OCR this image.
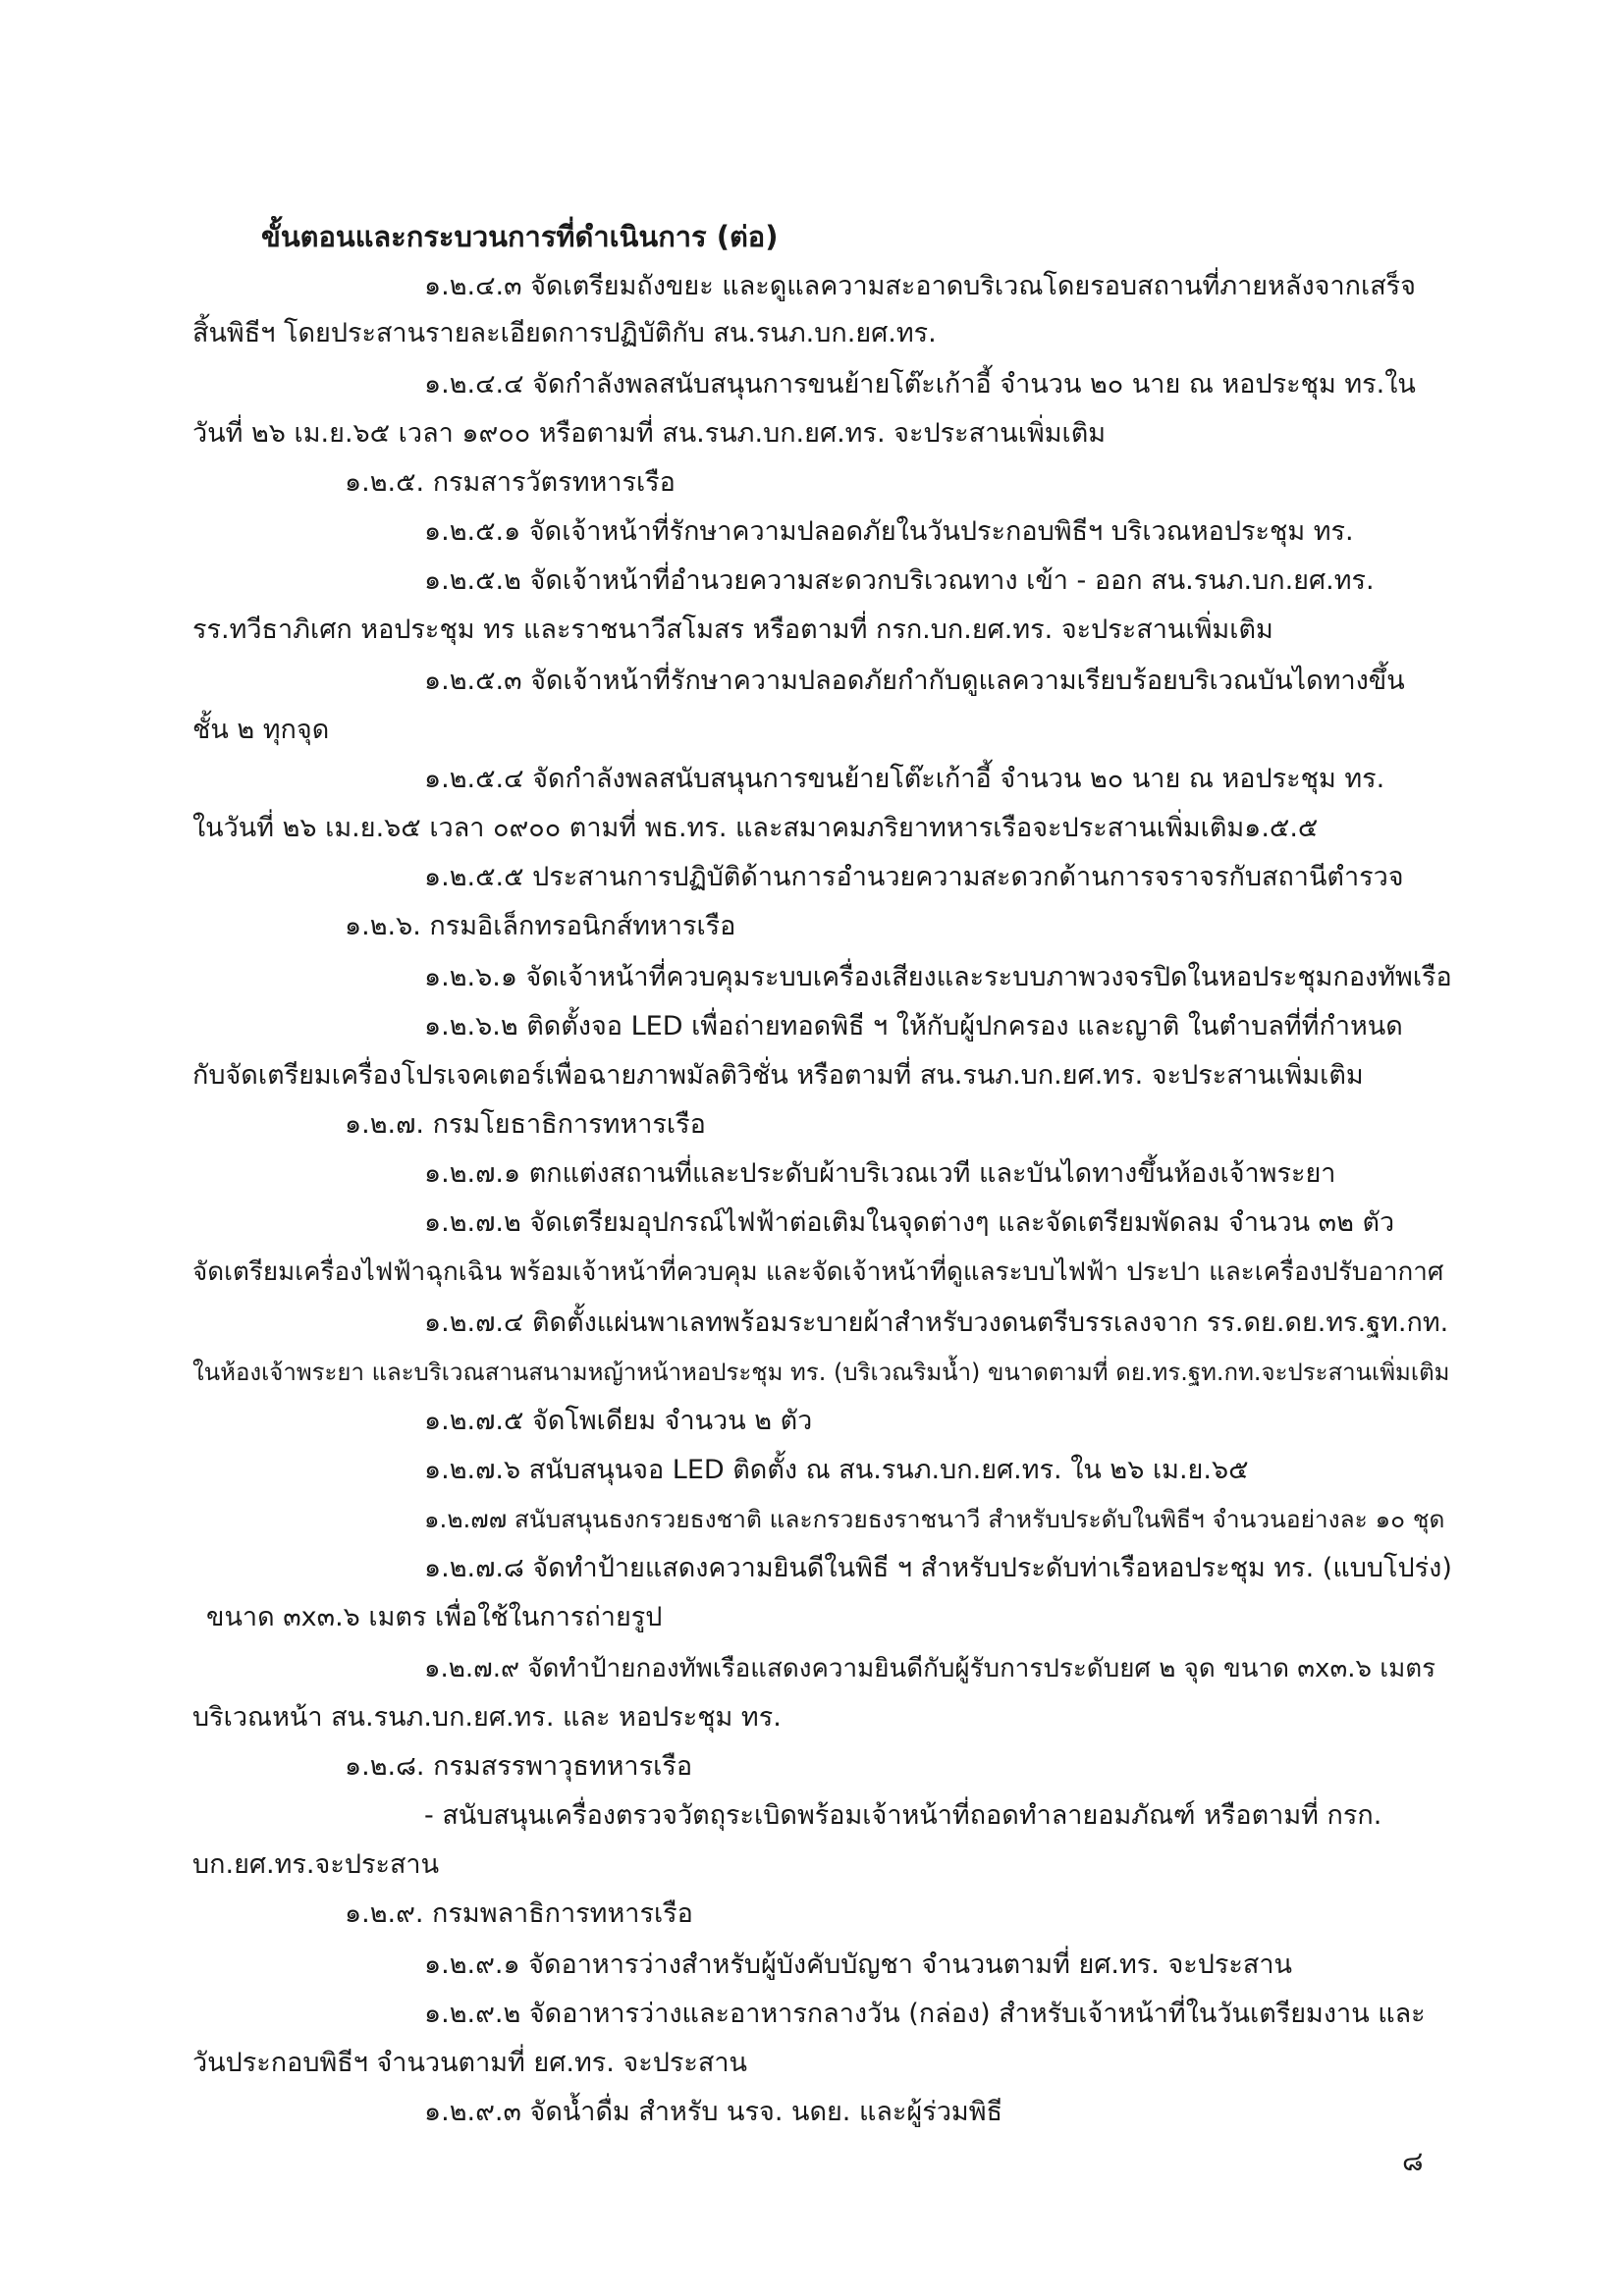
ขั้นตอนและกระบวนการที่ดำเนินการ (ต่อ)
๑.๒.๔.๓ จัดเตรียมถังขยะ และดูแลความสะอาดบริเวณโดยรอบสถานที่ภายหลังจากเสร็จ
สิ้นพิธีฯ โดยประสานรายละเอียดการปฏิบัติกับ สน.รนภ.บก.ยศ.ทร.
๑.๒.๔.๔ จัดกำลังพลสนับสนุนการขนย้ายโต๊ะเก้าอี้ จำนวน ๒๐ นาย ณ หอประชุม ทร.ใน
วันที่ ๒๖ เม.ย.๖๕ เวลา ๑๙๐๐ หรือตามที่ สน.รนภ.บก.ยศ.ทร. จะประสานเพิ่มเติม
๑.๒.๕. กรมสารวัตรทหารเรือ
๑.๒.๕.๑ จัดเจ้าหน้าที่รักษาความปลอดภัยในวันประกอบพิธีฯ บริเวณหอประชุม ทร.
๑.๒.๕.๒ จัดเจ้าหน้าที่อำนวยความสะดวกบริเวณทาง เข้า - ออก สน.รนภ.บก.ยศ.ทร.
รร.ทวีธาภิเศก หอประชุม ทร และราชนาวีสโมสร หรือตามที่ กรก.บก.ยศ.ทร. จะประสานเพิ่มเติม
๑.๒.๕.๓ จัดเจ้าหน้าที่รักษาความปลอดภัยกำกับดูแลความเรียบร้อยบริเวณบันไดทางขึ้น
ชั้น ๒ ทุกจุด
๑.๒.๕.๔ จัดกำลังพลสนับสนุนการขนย้ายโต๊ะเก้าอี้ จำนวน ๒๐ นาย ณ หอประชุม ทร.
ในวันที่ ๒๖ เม.ย.๖๕ เวลา ๐๙๐๐ ตามที่ พธ.ทร. และสมาคมภริยาทหารเรือจะประสานเพิ่มเติม๑.๕.๕
๑.๒.๕.๕ ประสานการปฏิบัติด้านการอำนวยความสะดวกด้านการจราจรกับสถานีตำรวจ
๑.๒.๖. กรมอิเล็กทรอนิกส์ทหารเรือ
๑.๒.๖.๑ จัดเจ้าหน้าที่ควบคุมระบบเครื่องเสียงและระบบภาพวงจรปิดในหอประชุมกองทัพเรือ
๑.๒.๖.๒ ติดตั้งจอ LED เพื่อถ่ายทอดพิธี ฯ ให้กับผู้ปกครอง และญาติ ในตำบลที่ที่กำหนด
กับจัดเตรียมเครื่องโปรเจคเตอร์เพื่อฉายภาพมัลติวิชั่น หรือตามที่ สน.รนภ.บก.ยศ.ทร. จะประสานเพิ่มเติม
๑.๒.๗. กรมโยธาธิการทหารเรือ
๑.๒.๗.๑ ตกแต่งสถานที่และประดับผ้าบริเวณเวที และบันไดทางขึ้นห้องเจ้าพระยา
๑.๒.๗.๒ จัดเตรียมอุปกรณ์ไฟฟ้าต่อเติมในจุดต่างๆ และจัดเตรียมพัดลม จำนวน ๓๒ ตัว
จัดเตรียมเครื่องไฟฟ้าฉุกเฉิน พร้อมเจ้าหน้าที่ควบคุม และจัดเจ้าหน้าที่ดูแลระบบไฟฟ้า ประปา และเครื่องปรับอากาศ
๑.๒.๗.๔ ติดตั้งแผ่นพาเลทพร้อมระบายผ้าสำหรับวงดนตรีบรรเลงจาก รร.ดย.ดย.ทร.ฐท.กท.
ในห้องเจ้าพระยา และบริเวณสานสนามหญ้าหน้าหอประชุม ทร. (บริเวณริมน้ำ) ขนาดตามที่ ดย.ทร.ฐท.กท.จะประสานเพิ่มเติม
๑.๒.๗.๕ จัดโพเดียม จำนวน ๒ ตัว
๑.๒.๗.๖ สนับสนุนจอ LED ติดตั้ง ณ สน.รนภ.บก.ยศ.ทร. ใน ๒๖ เม.ย.๖๕
๑.๒.๗๗ สนับสนุนธงกรวยธงชาติ และกรวยธงราชนาวี สำหรับประดับในพิธีฯ จำนวนอย่างละ ๑๐ ชุด
๑.๒.๗.๘ จัดทำป้ายแสดงความยินดีในพิธี ฯ สำหรับประดับท่าเรือหอประชุม ทร. (แบบโปร่ง)
ขนาด ๓x๓.๖ เมตร เพื่อใช้ในการถ่ายรูป
๑.๒.๗.๙ จัดทำป้ายกองทัพเรือแสดงความยินดีกับผู้รับการประดับยศ ๒ จุด ขนาด ๓x๓.๖ เมตร
บริเวณหน้า สน.รนภ.บก.ยศ.ทร. และ หอประชุม ทร.
๑.๒.๘. กรมสรรพาวุธทหารเรือ
- สนับสนุนเครื่องตรวจวัตถุระเบิดพร้อมเจ้าหน้าที่ถอดทำลายอมภัณฑ์ หรือตามที่ กรก.
บก.ยศ.ทร.จะประสาน
๑.๒.๙. กรมพลาธิการทหารเรือ
๑.๒.๙.๑ จัดอาหารว่างสำหรับผู้บังคับบัญชา จำนวนตามที่ ยศ.ทร. จะประสาน
๑.๒.๙.๒ จัดอาหารว่างและอาหารกลางวัน (กล่อง) สำหรับเจ้าหน้าที่ในวันเตรียมงาน และ
วันประกอบพิธีฯ จำนวนตามที่ ยศ.ทร. จะประสาน
๑.๒.๙.๓ จัดน้ำดื่ม สำหรับ นรจ. นดย. และผู้ร่วมพิธี
๘
